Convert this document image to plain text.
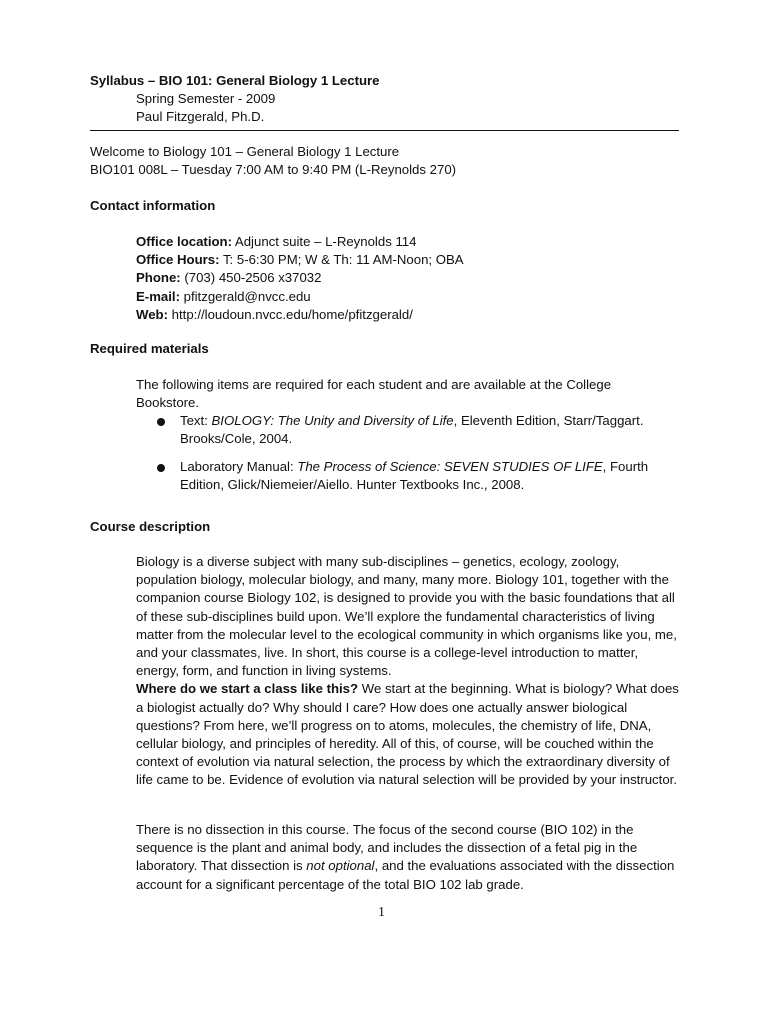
Syllabus – BIO 101: General Biology 1 Lecture
Spring Semester - 2009
Paul Fitzgerald, Ph.D.
Welcome to Biology 101 – General Biology 1 Lecture
BIO101 008L – Tuesday 7:00 AM to 9:40 PM (L-Reynolds 270)
Contact information
Office location: Adjunct suite – L-Reynolds 114
Office Hours: T: 5-6:30 PM; W & Th: 11 AM-Noon; OBA
Phone: (703) 450-2506 x37032
E-mail: pfitzgerald@nvcc.edu
Web: http://loudoun.nvcc.edu/home/pfitzgerald/
Required materials

The following items are required for each student and are available at the College Bookstore.

Text: BIOLOGY: The Unity and Diversity of Life, Eleventh Edition, Starr/Taggart. Brooks/Cole, 2004.
Laboratory Manual: The Process of Science: SEVEN STUDIES OF LIFE, Fourth Edition, Glick/Niemeier/Aiello. Hunter Textbooks Inc., 2008.
Course description

Biology is a diverse subject with many sub-disciplines – genetics, ecology, zoology, population biology, molecular biology, and many, many more. Biology 101, together with the companion course Biology 102, is designed to provide you with the basic foundations that all of these sub-disciplines build upon. We’ll explore the fundamental characteristics of living matter from the molecular level to the ecological community in which organisms like you, me, and your classmates, live. In short, this course is a college-level introduction to matter, energy, form, and function in living systems.

Where do we start a class like this? We start at the beginning. What is biology? What does a biologist actually do? Why should I care? How does one actually answer biological questions? From here, we’ll progress on to atoms, molecules, the chemistry of life, DNA, cellular biology, and principles of heredity. All of this, of course, will be couched within the context of evolution via natural selection, the process by which the extraordinary diversity of life came to be. Evidence of evolution via natural selection will be provided by your instructor.

There is no dissection in this course. The focus of the second course (BIO 102) in the sequence is the plant and animal body, and includes the dissection of a fetal pig in the laboratory. That dissection is not optional, and the evaluations associated with the dissection account for a significant percentage of the total BIO 102 lab grade.

1
